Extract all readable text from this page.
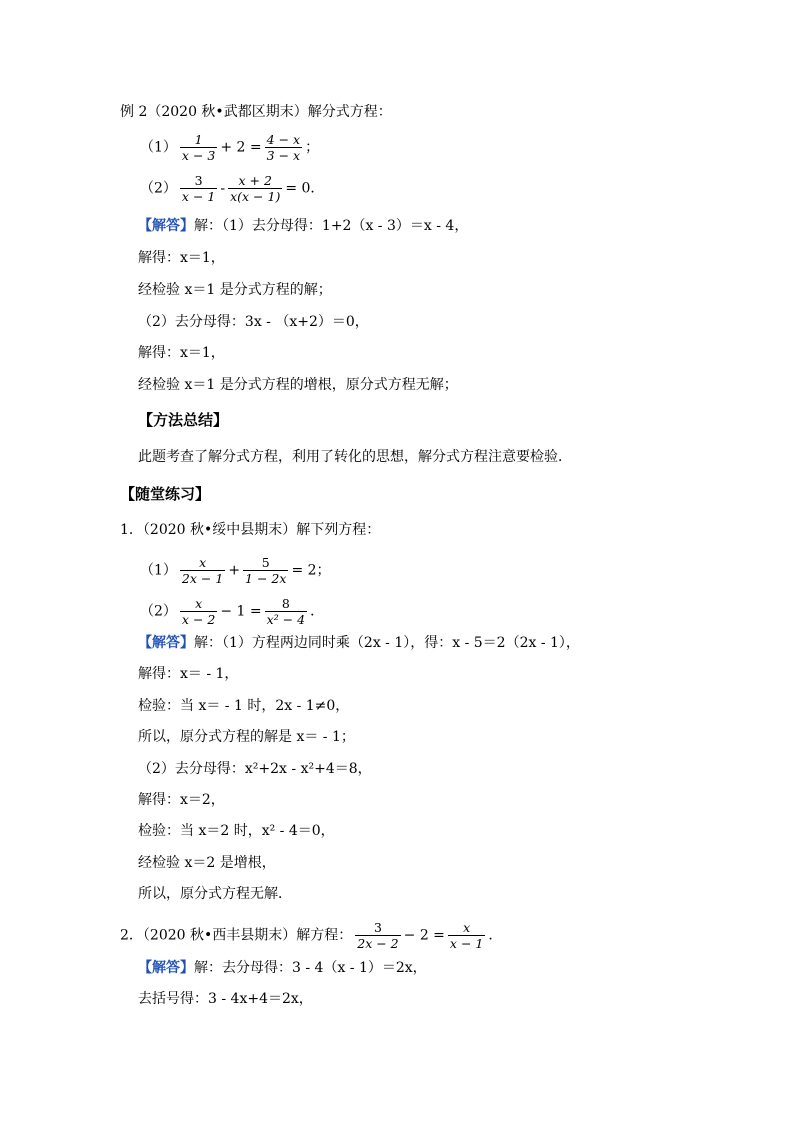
例 2（2020 秋•武都区期末）解分式方程：
$(1) \frac{1}{x - 3} + 2 = \frac{4 - x}{3 - x}$ ；
$(2) \frac{3}{x - 1} - \frac{x + 2}{x(x - 1)} = 0$．
【解答】解：（1）去分母得：1+2（x - 3）＝x - 4，
解得：x＝1，
经检验 x＝1 是分式方程的解；
（2）去分母得：3x - （x+2）＝0，
解得：x＝1，
经检验 x＝1 是分式方程的增根，原分式方程无解；
【方法总结】
此题考查了解分式方程，利用了转化的思想，解分式方程注意要检验．
【随堂练习】
1．（2020 秋•绥中县期末）解下列方程：
$(1) \frac{x}{2x - 1} + \frac{5}{1 - 2x} = 2$；
$(2) \frac{x}{x - 2} - 1 = \frac{8}{\text{x² − 4}}$ ．
【解答】解：（1）方程两边同时乘（2x - 1），得：x - 5＝2（2x - 1），
解得：x＝ - 1，
检验：当 x＝ - 1 时，2x - 1≠0，
所以，原分式方程的解是 x＝ - 1；
（2）去分母得：x²+2x - x²+4＝8，
解得：x＝2，
检验：当 x＝2 时，x² - 4＝0，
经检验 x＝2 是增根，
所以，原分式方程无解．
2．（2020 秋•西丰县期末）解方程： $\frac{3}{2x - 2} - 2 = \frac{x}{x - 1}$ ．
【解答】解：去分母得：3 - 4（x - 1）＝2x，
去括号得：3 - 4x+4＝2x，
